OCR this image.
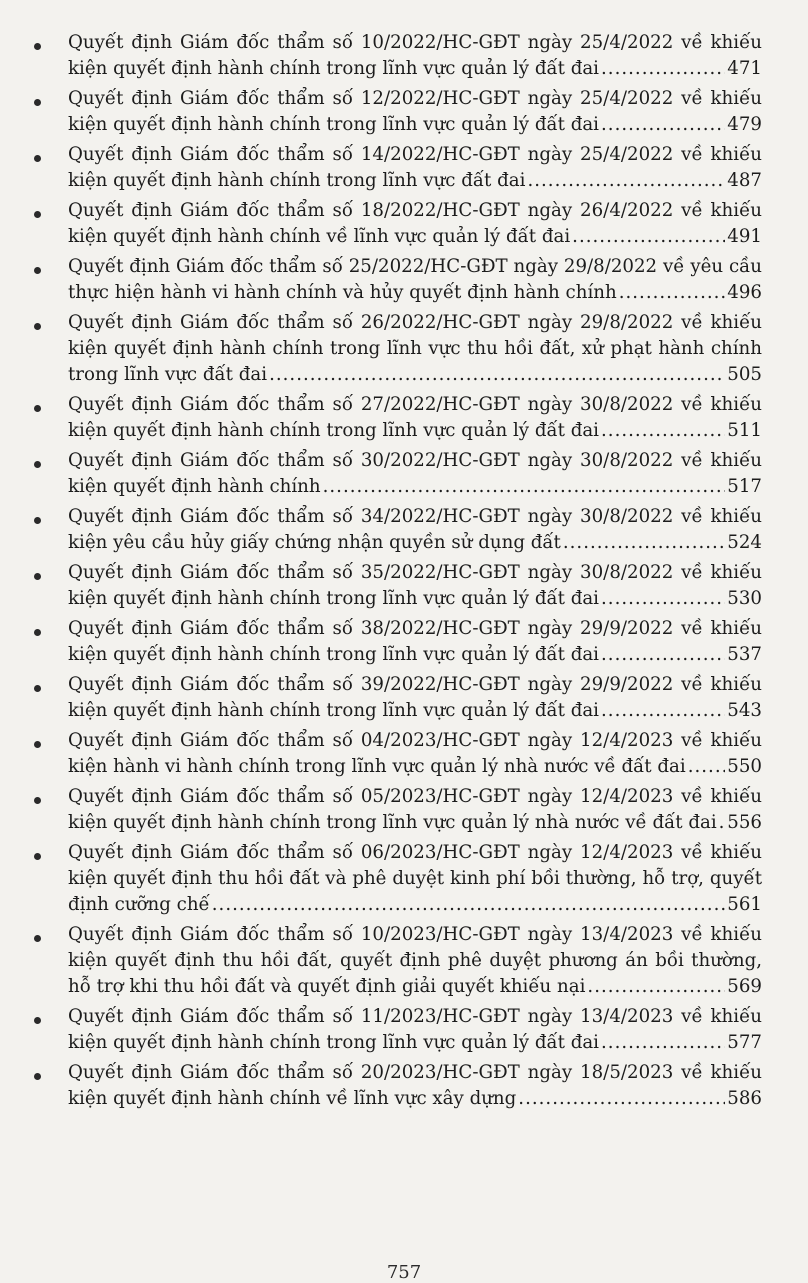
Quyết định Giám đốc thẩm số 10/2022/HC-GĐT ngày 25/4/2022 về khiếu
kiện quyết định hành chính trong lĩnh vực quản lý đất đai .....	471
Quyết định Giám đốc thẩm số 12/2022/HC-GĐT ngày 25/4/2022 về khiếu
kiện quyết định hành chính trong lĩnh vực quản lý đất đai .....	479
Quyết định Giám đốc thẩm số 14/2022/HC-GĐT ngày 25/4/2022 về khiếu
kiện quyết định hành chính trong lĩnh vực đất đai .....	487
Quyết định Giám đốc thẩm số 18/2022/HC-GĐT ngày 26/4/2022 về khiếu
kiện quyết định hành chính về lĩnh vực quản lý đất đai .....	491
Quyết định Giám đốc thẩm số 25/2022/HC-GĐT ngày 29/8/2022 về yêu cầu
thực hiện hành vi hành chính và hủy quyết định hành chính .....	496
Quyết định Giám đốc thẩm số 26/2022/HC-GĐT ngày 29/8/2022 về khiếu
kiện quyết định hành chính trong lĩnh vực thu hồi đất, xử phạt hành chính
trong lĩnh vực đất đai .....	505
Quyết định Giám đốc thẩm số 27/2022/HC-GĐT ngày 30/8/2022 về khiếu
kiện quyết định hành chính trong lĩnh vực quản lý đất đai .....	511
Quyết định Giám đốc thẩm số 30/2022/HC-GĐT ngày 30/8/2022 về khiếu
kiện quyết định hành chính .....	517
Quyết định Giám đốc thẩm số 34/2022/HC-GĐT ngày 30/8/2022 về khiếu
kiện yêu cầu hủy giấy chứng nhận quyền sử dụng đất .....	524
Quyết định Giám đốc thẩm số 35/2022/HC-GĐT ngày 30/8/2022 về khiếu
kiện quyết định hành chính trong lĩnh vực quản lý đất đai .....	530
Quyết định Giám đốc thẩm số 38/2022/HC-GĐT ngày 29/9/2022 về khiếu
kiện quyết định hành chính trong lĩnh vực quản lý đất đai .....	537
Quyết định Giám đốc thẩm số 39/2022/HC-GĐT ngày 29/9/2022 về khiếu
kiện quyết định hành chính trong lĩnh vực quản lý đất đai .....	543
Quyết định Giám đốc thẩm số 04/2023/HC-GĐT ngày 12/4/2023 về khiếu
kiện hành vi hành chính trong lĩnh vực quản lý nhà nước về đất đai ..... 550
Quyết định Giám đốc thẩm số 05/2023/HC-GĐT ngày 12/4/2023 về khiếu
kiện quyết định hành chính trong lĩnh vực quản lý nhà nước về đất đai ..... 556
Quyết định Giám đốc thẩm số 06/2023/HC-GĐT ngày 12/4/2023 về khiếu
kiện quyết định thu hồi đất và phê duyệt kinh phí bồi thường, hỗ trợ, quyết
định cưỡng chế .....	561
Quyết định Giám đốc thẩm số 10/2023/HC-GĐT ngày 13/4/2023 về khiếu
kiện quyết định thu hồi đất, quyết định phê duyệt phương án bồi thường,
hỗ trợ khi thu hồi đất và quyết định giải quyết khiếu nại .....	569
Quyết định Giám đốc thẩm số 11/2023/HC-GĐT ngày 13/4/2023 về khiếu
kiện quyết định hành chính trong lĩnh vực quản lý đất đai .....	577
Quyết định Giám đốc thẩm số 20/2023/HC-GĐT ngày 18/5/2023 về khiếu
kiện quyết định hành chính về lĩnh vực xây dựng .....	586
757
